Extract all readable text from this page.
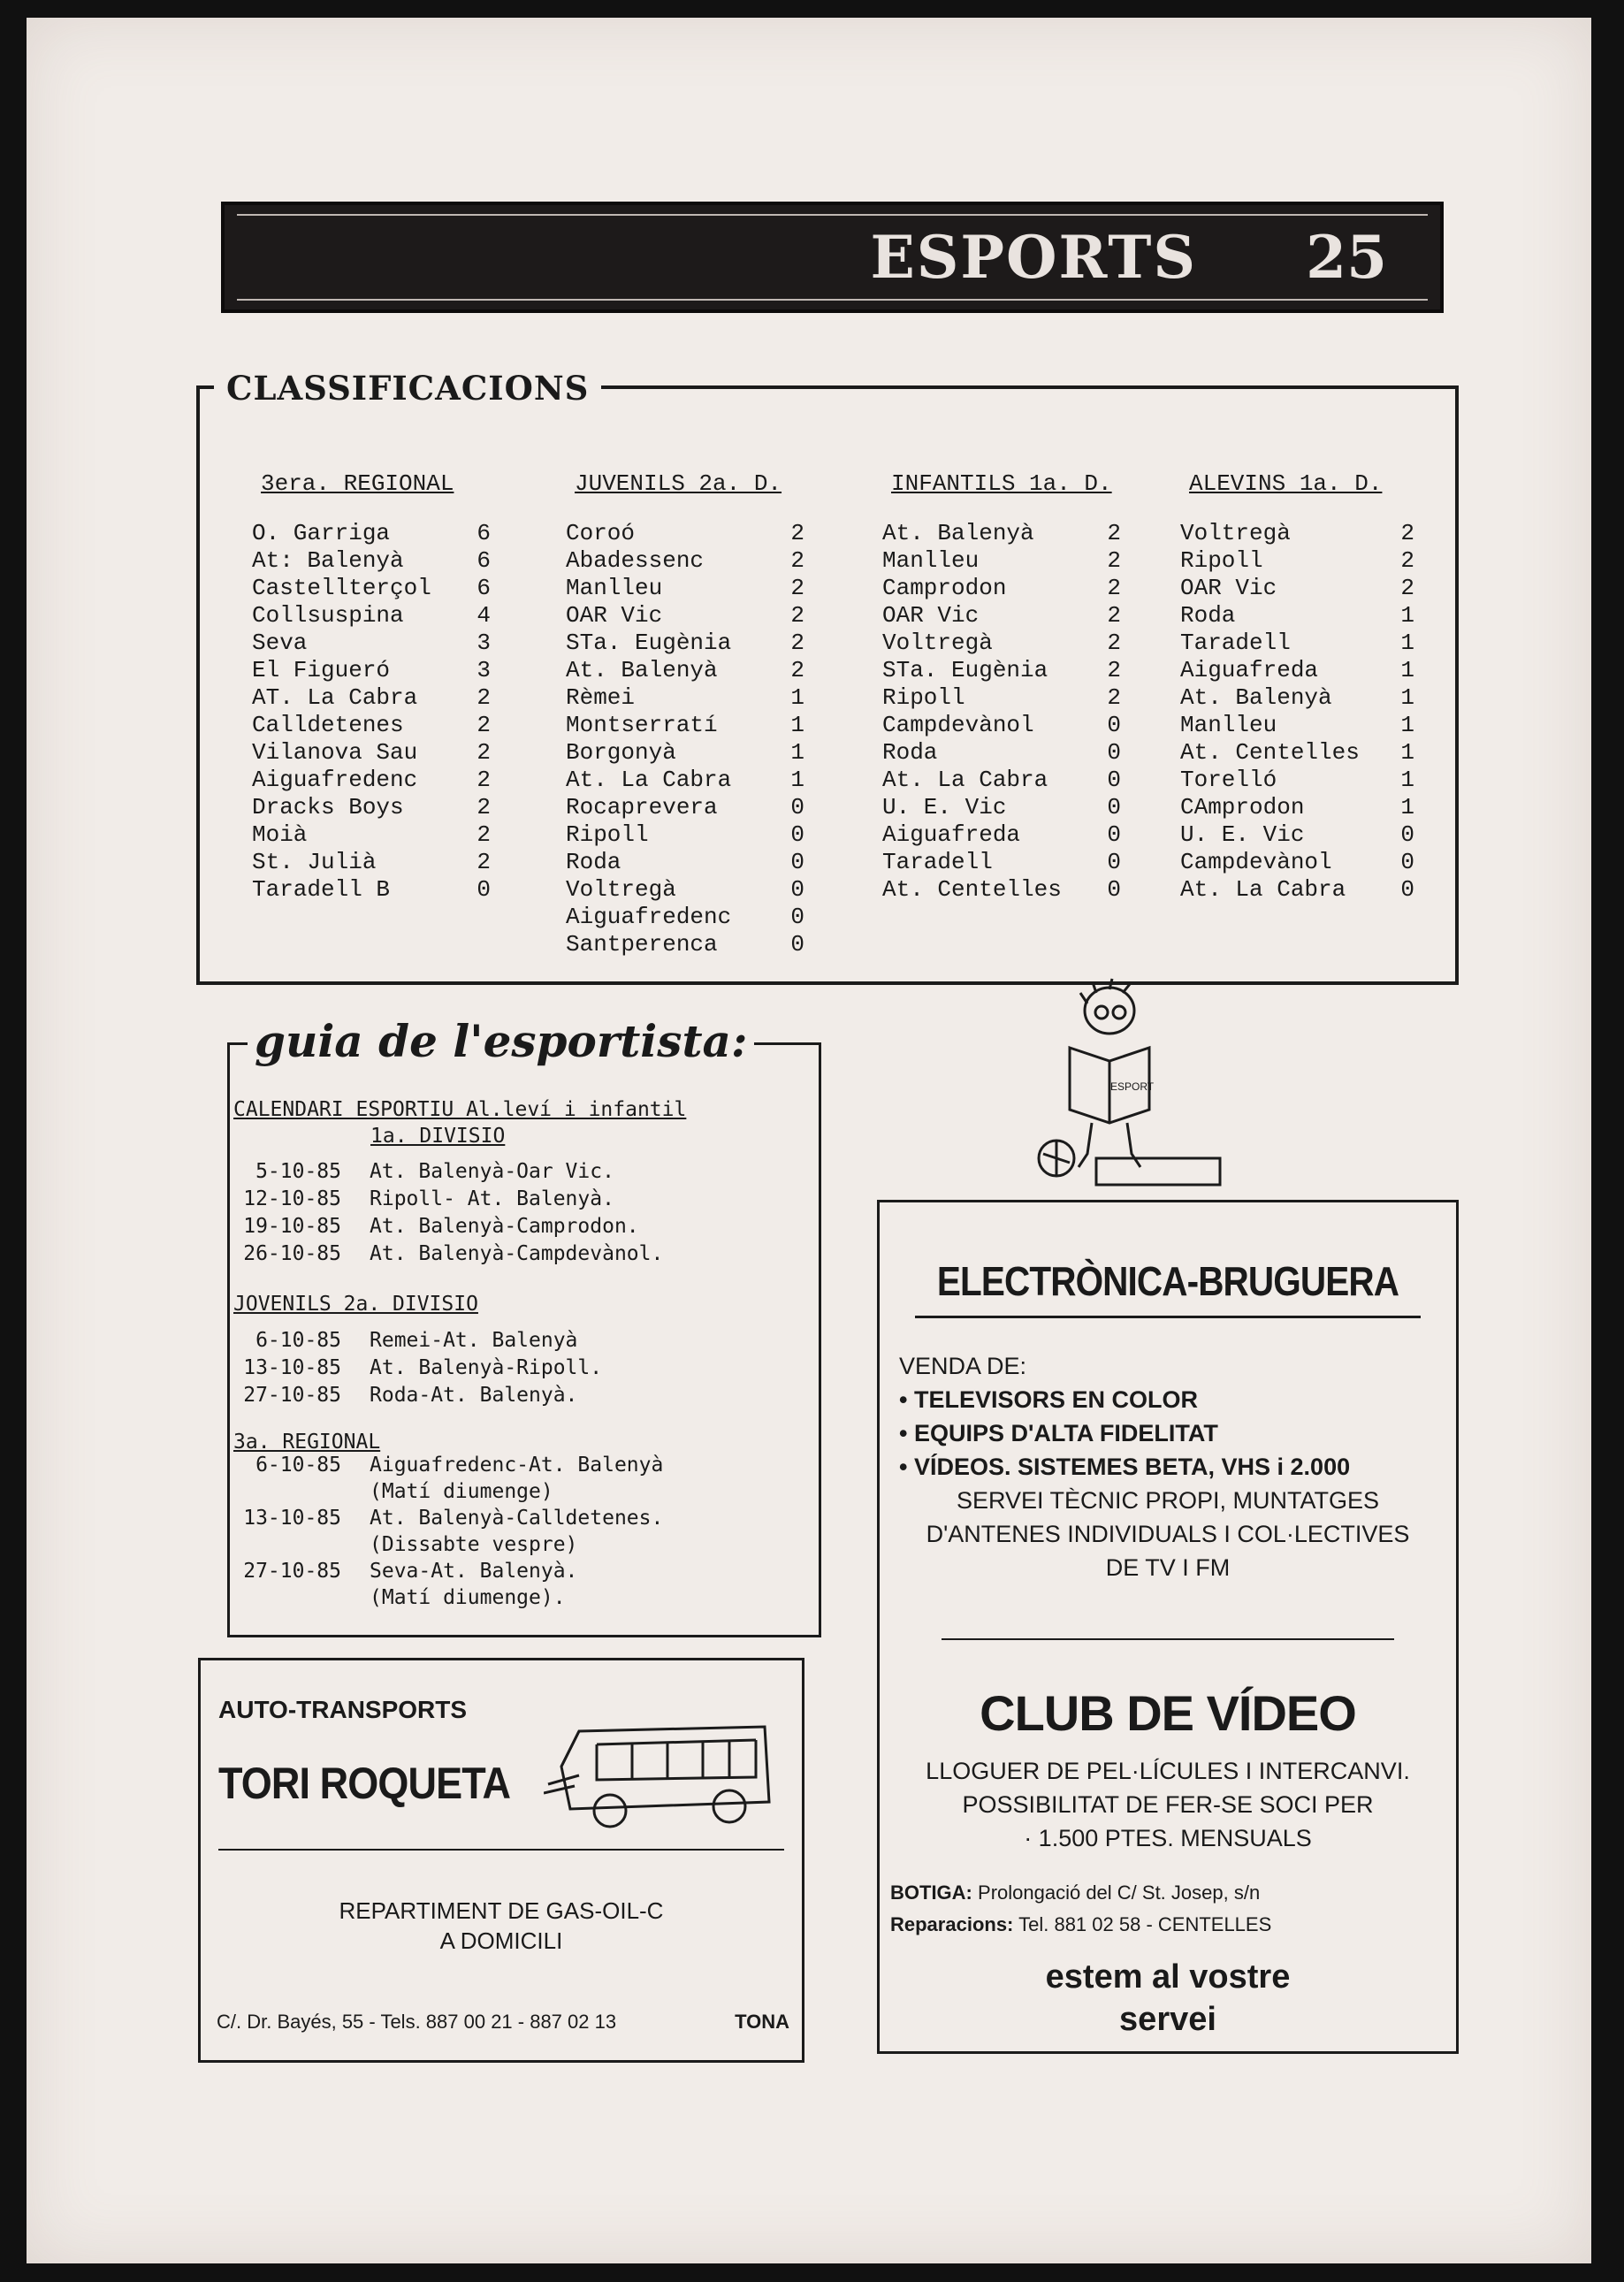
ESPORTS 25
CLASSIFICACIONS
3era. REGIONAL
O. Garriga	6
At: Balenyà	6
Castellterçol 6
Collsuspina	4
Seva	3
El Figueró	3
AT. La Cabra	2
Calldetenes	2
Vilanova Sau	2
Aiguafredenc	2
Dracks Boys	2
Moià	2
St. Julià	2
Taradell B	0
JUVENILS 2a. D.
Coroó	2
Abadessenc	2
Manlleu	2
OAR Vic	2
STa. Eugènia	2
At. Balenyà	2
Rèmei	1
Montserratí	1
Borgonyà	1
At. La Cabra	1
Rocaprevera	0
Ripoll	0
Roda	0
Voltregà	0
Aiguafredenc	0
Santperenca	0
INFANTILS 1a. D.
At. Balenyà	2
Manlleu	2
Camprodon	2
OAR Vic	2
Voltregà	2
STa. Eugènia	2
Ripoll	2
Campdevànol	0
Roda	0
At. La Cabra	0
U. E. Vic	0
Aiguafreda	0
Taradell	0
At. Centelles 0
ALEVINS 1a. D.
Voltregà	2
Ripoll	2
OAR Vic	2
Roda	1
Taradell	1
Aiguafreda	1
At. Balenyà	1
Manlleu	1
At. Centelles 1
Torelló	1
CAmprodon	1
U. E. Vic	0
Campdevànol	0
At. La Cabra 0
guia de l'esportista:
CALENDARI ESPORTIU Al.leví i infantil
1a. DIVISIO
5-10-85 At. Balenyà-Oar Vic.
12-10-85 Ripoll- At. Balenyà.
19-10-85 At. Balenyà-Camprodon.
26-10-85 At. Balenyà-Campdevànol.
JOVENILS 2a. DIVISIO
6-10-85 Remei-At. Balenyà
13-10-85 At. Balenyà-Ripoll.
27-10-85 Roda-At. Balenyà.
3a. REGIONAL
6-10-85 Aiguafredenc-At. Balenyà
(Matí diumenge)
13-10-85 At. Balenyà-Calldetenes.
(Dissabte vespre)
27-10-85 Seva-At. Balenyà.
(Matí diumenge).
ESPORT
AUTO-TRANSPORTS
TORI ROQUETA
REPARTIMENT DE GAS-OIL-C
A DOMICILI
C/. Dr. Bayés, 55 - Tels. 887 00 21 - 887 02 13	TONA
ELECTRÒNICA-BRUGUERA
VENDA DE:
• TELEVISORS EN COLOR
• EQUIPS D'ALTA FIDELITAT
• VÍDEOS. SISTEMES BETA, VHS i 2.000
SERVEI TÈCNIC PROPI, MUNTATGES
D'ANTENES INDIVIDUALS I COL·LECTIVES
DE TV I FM
CLUB DE VÍDEO
LLOGUER DE PEL·LÍCULES I INTERCANVI.
POSSIBILITAT DE FER-SE SOCI PER
· 1.500 PTES. MENSUALS
BOTIGA: Prolongació del C/ St. Josep, s/n
Reparacions: Tel. 881 02 58 - CENTELLES
estem al vostre
servei
